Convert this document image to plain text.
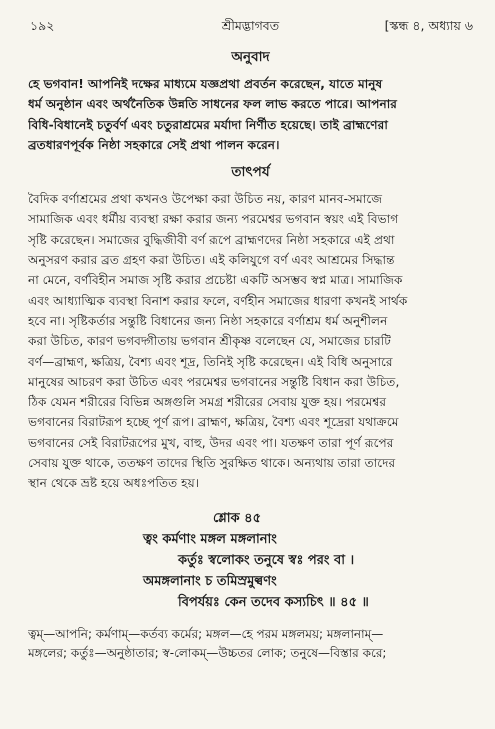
১৯২	শ্রীমদ্ভাগবত	[স্কন্ধ ৪, অধ্যায় ৬
অনুবাদ

হে ভগবান! আপনিই দক্ষের মাধ্যমে যজ্ঞপ্রথা প্রবর্তন করেছেন, যাতে মানুষ
ধর্ম অনুষ্ঠান এবং অর্থনৈতিক উন্নতি সাধনের ফল লাভ করতে পারে। আপনার
বিধি-বিধানেই চতুর্বর্ণ এবং চতুরাশ্রমের মর্যাদা নির্ণীত হয়েছে। তাই ব্রাহ্মণেরা
ব্রতধারণপূর্বক নিষ্ঠা সহকারে সেই প্রথা পালন করেন।

তাৎপর্য

বৈদিক বর্ণাশ্রমের প্রথা কখনও উপেক্ষা করা উচিত নয়, কারণ মানব-সমাজে
সামাজিক এবং ধর্মীয় ব্যবস্থা রক্ষা করার জন্য পরমেশ্বর ভগবান স্বয়ং এই বিভাগ
সৃষ্টি করেছেন। সমাজের বুদ্ধিজীবী বর্ণ রূপে ব্রাহ্মণদের নিষ্ঠা সহকারে এই প্রথা
অনুসরণ করার ব্রত গ্রহণ করা উচিত। এই কলিযুগে বর্ণ এবং আশ্রমের সিদ্ধান্ত
না মেনে, বর্ণবিহীন সমাজ সৃষ্টি করার প্রচেষ্টা একটি অসম্ভব স্বপ্ন মাত্র। সামাজিক
এবং আধ্যাত্মিক ব্যবস্থা বিনাশ করার ফলে, বর্ণহীন সমাজের ধারণা কখনই সার্থক
হবে না। সৃষ্টিকর্তার সন্তুষ্টি বিধানের জন্য নিষ্ঠা সহকারে বর্ণাশ্রম ধর্ম অনুশীলন
করা উচিত, কারণ ভগবদ্গীতায় ভগবান শ্রীকৃষ্ণ বলেছেন যে, সমাজের চারটি
বর্ণ—ব্রাহ্মণ, ক্ষত্রিয়, বৈশ্য এবং শূদ্র, তিনিই সৃষ্টি করেছেন। এই বিধি অনুসারে
মানুষের আচরণ করা উচিত এবং পরমেশ্বর ভগবানের সন্তুষ্টি বিধান করা উচিত,
ঠিক যেমন শরীরের বিভিন্ন অঙ্গগুলি সমগ্র শরীরের সেবায় যুক্ত হয়। পরমেশ্বর
ভগবানের বিরাটরূপ হচ্ছে পূর্ণ রূপ। ব্রাহ্মণ, ক্ষত্রিয়, বৈশ্য এবং শূদ্রেরা যথাক্রমে
ভগবানের সেই বিরাটরূপের মুখ, বাহু, উদর এবং পা। যতক্ষণ তারা পূর্ণ রূপের
সেবায় যুক্ত থাকে, ততক্ষণ তাদের স্থিতি সুরক্ষিত থাকে। অন্যথায় তারা তাদের
স্থান থেকে ভ্রষ্ট হয়ে অধঃপতিত হয়।

শ্লোক ৪৫
ত্বং কর্মণাং মঙ্গল মঙ্গলানাং
কর্তুঃ স্বলোকং তনুষে স্বঃ পরং বা ।
অমঙ্গলানাং চ তমিস্রমুল্বণং
বিপর্যয়ঃ কেন তদেব কস্যচিৎ ॥ ৪৫ ॥
ত্বম্—আপনি; কর্মণাম্—কর্তব্য কর্মের; মঙ্গল—হে পরম মঙ্গলময়; মঙ্গলানাম্—
মঙ্গলের; কর্তুঃ—অনুষ্ঠাতার; স্ব-লোকম্—উচ্চতর লোক; তনুষে—বিস্তার করে;
